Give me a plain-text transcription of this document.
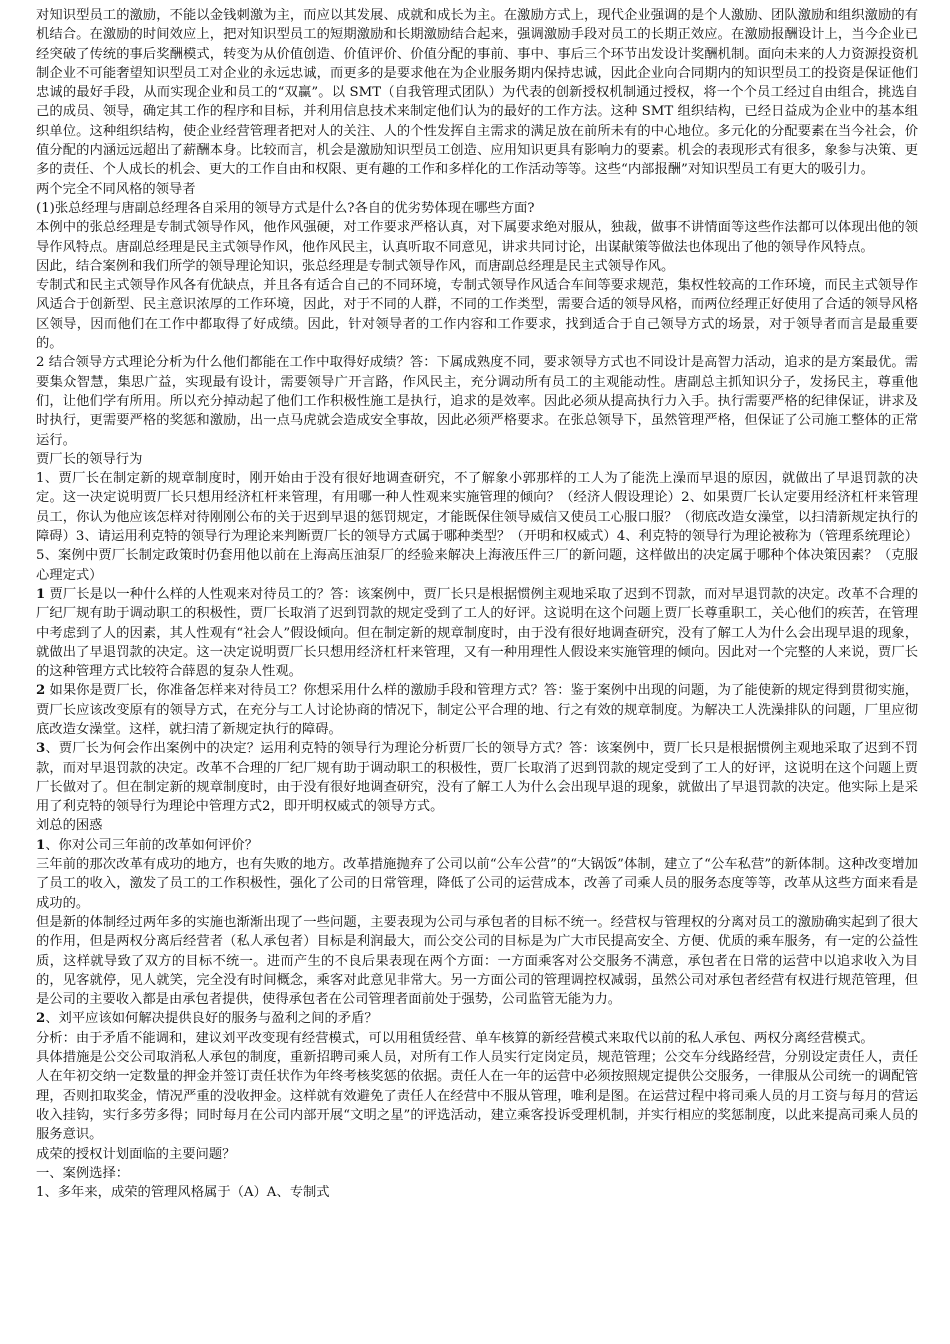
对知识型员工的激励，不能以金钱刺激为主，而应以其发展、成就和成长为主。在激励方式上，现代企业强调的是个人激励、团队激励和组织激励的有机结合。在激励的时间效应上，把对知识型员工的短期激励和长期激励结合起来，强调激励手段对员工的长期正效应。在激励报酬设计上，当今企业已经突破了传统的事后奖酬模式，转变为从价值创造、价值评价、价值分配的事前、事中、事后三个环节出发设计奖酬机制。面向未来的人力资源投资机制企业不可能奢望知识型员工对企业的永远忠诚，而更多的是要求他在为企业服务期内保持忠诚，因此企业向合同期内的知识型员工的投资是保证他们忠诚的最好手段，从而实现企业和员工的“双赢”。以 SMT（自我管理式团队）为代表的创新授权机制通过授权，将一个个员工经过自由组合，挑选自己的成员、领导，确定其工作的程序和目标，并利用信息技术来制定他们认为的最好的工作方法。这种 SMT 组织结构，已经日益成为企业中的基本组织单位。这种组织结构，使企业经营管理者把对人的关注、人的个性发挥自主需求的满足放在前所未有的中心地位。多元化的分配要素在当今社会，价值分配的内涵远远超出了薪酬本身。比较而言，机会是激励知识型员工创造、应用知识更具有影响力的要素。机会的表现形式有很多，象参与决策、更多的责任、个人成长的机会、更大的工作自由和权限、更有趣的工作和多样化的工作活动等等。这些“内部报酬”对知识型员工有更大的吸引力。

两个完全不同风格的领导者

(1)张总经理与唐副总经理各自采用的领导方式是什么?各自的优劣势体现在哪些方面?

本例中的张总经理是专制式领导作风，他作风强硬，对工作要求严格认真，对下属要求绝对服从，独裁，做事不讲情面等这些作法都可以体现出他的领导作风特点。唐副总经理是民主式领导作风，他作风民主，认真听取不同意见，讲求共同讨论，出谋献策等做法也体现出了他的领导作风特点。

因此，结合案例和我们所学的领导理论知识，张总经理是专制式领导作风，而唐副总经理是民主式领导作风。

专制式和民主式领导作风各有优缺点，并且各有适合自己的不同环境，专制式领导作风适合车间等要求规范，集权性较高的工作环境，而民主式领导作风适合于创新型、民主意识浓厚的工作环境，因此，对于不同的人群，不同的工作类型，需要合适的领导风格，而两位经理正好使用了合适的领导风格区领导，因而他们在工作中都取得了好成绩。因此，针对领导者的工作内容和工作要求，找到适合于自己领导方式的场景，对于领导者而言是最重要的。

2 结合领导方式理论分析为什么他们都能在工作中取得好成绩？答：下属成熟度不同，要求领导方式也不同设计是高智力活动，追求的是方案最优。需要集众智慧，集思广益，实现最有设计，需要领导广开言路，作风民主，充分调动所有员工的主观能动性。唐副总主抓知识分子，发扬民主，尊重他们，让他们学有所用。所以充分掉动起了他们工作积极性施工是执行，追求的是效率。因此必须从提高执行力入手。执行需要严格的纪律保证，讲求及时执行，更需要严格的奖惩和激励，出一点马虎就会造成安全事故，因此必须严格要求。在张总领导下，虽然管理严格，但保证了公司施工整体的正常运行。

贾厂长的领导行为

1、贾厂长在制定新的规章制度时，刚开始由于没有很好地调查研究，不了解象小郭那样的工人为了能洗上澡而早退的原因，就做出了早退罚款的决定。这一决定说明贾厂长只想用经济杠杆来管理，有用哪一种人性观来实施管理的倾向？（经济人假设理论）2、如果贾厂长认定要用经济杠杆来管理员工，你认为他应该怎样对待刚刚公布的关于迟到早退的惩罚规定，才能既保住领导威信又使员工心服口服？（彻底改造女澡堂，以扫清新规定执行的障碍）3、请运用利克特的领导行为理论来判断贾厂长的领导方式属于哪种类型？（开明和权威式）4、利克特的领导行为理论被称为（管理系统理论）5、案例中贾厂长制定政策时仍套用他以前在上海高压油泵厂的经验来解决上海液压件三厂的新问题，这样做出的决定属于哪种个体决策因素？（克服心理定式）

1 贾厂长是以一种什么样的人性观来对待员工的？答：该案例中，贾厂长只是根据惯例主观地采取了迟到不罚款，而对早退罚款的决定。改革不合理的厂纪厂规有助于调动职工的积极性，贾厂长取消了迟到罚款的规定受到了工人的好评。这说明在这个问题上贾厂长尊重职工，关心他们的疾苦，在管理中考虑到了人的因素，其人性观有“社会人”假设倾向。但在制定新的规章制度时，由于没有很好地调查研究，没有了解工人为什么会出现早退的现象，就做出了早退罚款的决定。这一决定说明贾厂长只想用经济杠杆来管理，又有一种用理性人假设来实施管理的倾向。因此对一个完整的人来说，贾厂长的这种管理方式比较符合薛恩的复杂人性观。

2 如果你是贾厂长，你准备怎样来对待员工？你想采用什么样的激励手段和管理方式？答：鉴于案例中出现的问题，为了能使新的规定得到贯彻实施，贾厂长应该改变原有的领导方式，在充分与工人讨论协商的情况下，制定公平合理的地、行之有效的规章制度。为解决工人洗澡排队的问题，厂里应彻底改造女澡堂。这样，就扫清了新规定执行的障碍。

3、贾厂长为何会作出案例中的决定？运用利克特的领导行为理论分析贾厂长的领导方式？答：该案例中，贾厂长只是根据惯例主观地采取了迟到不罚款，而对早退罚款的决定。改革不合理的厂纪厂规有助于调动职工的积极性，贾厂长取消了迟到罚款的规定受到了工人的好评，这说明在这个问题上贾厂长做对了。但在制定新的规章制度时，由于没有很好地调查研究，没有了解工人为什么会出现早退的现象，就做出了早退罚款的决定。他实际上是采用了利克特的领导行为理论中管理方式2，即开明权威式的领导方式。

刘总的困惑

1、你对公司三年前的改革如何评价？

三年前的那次改革有成功的地方，也有失败的地方。改革措施抛弃了公司以前“公车公营”的“大锅饭”体制，建立了“公车私营”的新体制。这种改变增加了员工的收入，激发了员工的工作积极性，强化了公司的日常管理，降低了公司的运营成本，改善了司乘人员的服务态度等等，改革从这些方面来看是成功的。

但是新的体制经过两年多的实施也渐渐出现了一些问题，主要表现为公司与承包者的目标不统一。经营权与管理权的分离对员工的激励确实起到了很大的作用，但是两权分离后经营者（私人承包者）目标是利润最大，而公交公司的目标是为广大市民提高安全、方便、优质的乘车服务，有一定的公益性质，这样就导致了双方的目标不统一。进而产生的不良后果表现在两个方面：一方面乘客对公交服务不满意，承包者在日常的运营中以追求收入为目的，见客就停，见人就笑，完全没有时间概念，乘客对此意见非常大。另一方面公司的管理调控权减弱，虽然公司对承包者经营有权进行规范管理，但是公司的主要收入都是由承包者提供，使得承包者在公司管理者面前处于强势，公司监管无能为力。

2、刘平应该如何解决提供良好的服务与盈利之间的矛盾？

分析：由于矛盾不能调和，建议刘平改变现有经营模式，可以用租赁经营、单车核算的新经营模式来取代以前的私人承包、两权分离经营模式。

具体措施是公交公司取消私人承包的制度，重新招聘司乘人员，对所有工作人员实行定岗定员，规范管理；公交车分线路经营，分别设定责任人，责任人在年初交纳一定数量的押金并签订责任状作为年终考核奖惩的依据。责任人在一年的运营中必须按照规定提供公交服务，一律服从公司统一的调配管理，否则扣取奖金，情况严重的没收押金。这样就有效避免了责任人在经营中不服从管理，唯利是图。在运营过程中将司乘人员的月工资与每月的营运收入挂钩，实行多劳多得；同时每月在公司内部开展“文明之星”的评选活动，建立乘客投诉受理机制，并实行相应的奖惩制度，以此来提高司乘人员的服务意识。

成荣的授权计划面临的主要问题？

一、案例选择：

1、多年来，成荣的管理风格属于（A）A、专制式
